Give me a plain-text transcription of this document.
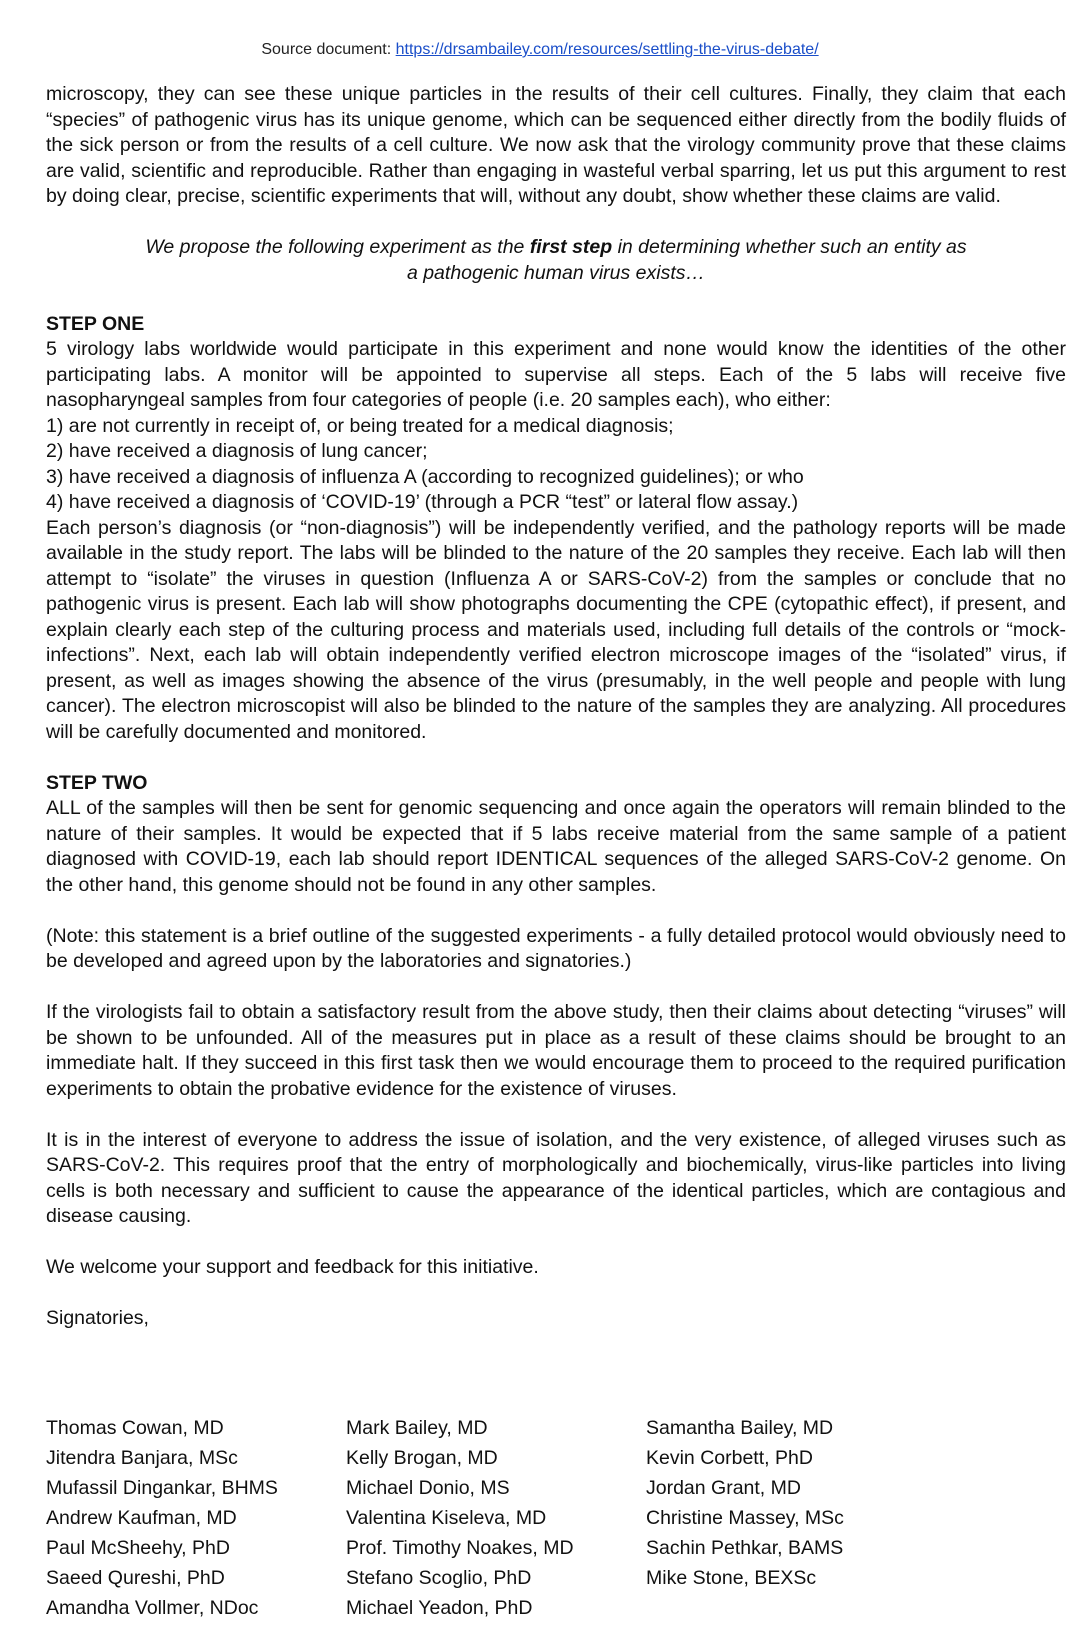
Source document: https://drsambailey.com/resources/settling-the-virus-debate/

microscopy, they can see these unique particles in the results of their cell cultures. Finally, they claim that each “species” of pathogenic virus has its unique genome, which can be sequenced either directly from the bodily fluids of the sick person or from the results of a cell culture. We now ask that the virology community prove that these claims are valid, scientific and reproducible. Rather than engaging in wasteful verbal sparring, let us put this argument to rest by doing clear, precise, scientific experiments that will, without any doubt, show whether these claims are valid.

We propose the following experiment as the first step in determining whether such an entity as
a pathogenic human virus exists…

STEP ONE

5 virology labs worldwide would participate in this experiment and none would know the identities of the other participating labs. A monitor will be appointed to supervise all steps. Each of the 5 labs will receive five nasopharyngeal samples from four categories of people (i.e. 20 samples each), who either:

1) are not currently in receipt of, or being treated for a medical diagnosis;

2) have received a diagnosis of lung cancer;

3) have received a diagnosis of influenza A (according to recognized guidelines); or who

4) have received a diagnosis of ‘COVID-19’ (through a PCR “test” or lateral flow assay.)

Each person’s diagnosis (or “non-diagnosis”) will be independently verified, and the pathology reports will be made available in the study report. The labs will be blinded to the nature of the 20 samples they receive. Each lab will then attempt to “isolate” the viruses in question (Influenza A or SARS-CoV-2) from the samples or conclude that no pathogenic virus is present. Each lab will show photographs documenting the CPE (cytopathic effect), if present, and explain clearly each step of the culturing process and materials used, including full details of the controls or “mock-infections”. Next, each lab will obtain independently verified electron microscope images of the “isolated” virus, if present, as well as images showing the absence of the virus (presumably, in the well people and people with lung cancer). The electron microscopist will also be blinded to the nature of the samples they are analyzing. All procedures will be carefully documented and monitored.

STEP TWO

ALL of the samples will then be sent for genomic sequencing and once again the operators will remain blinded to the nature of their samples. It would be expected that if 5 labs receive material from the same sample of a patient diagnosed with COVID-19, each lab should report IDENTICAL sequences of the alleged SARS-CoV-2 genome. On the other hand, this genome should not be found in any other samples.

(Note: this statement is a brief outline of the suggested experiments - a fully detailed protocol would obviously need to be developed and agreed upon by the laboratories and signatories.)

If the virologists fail to obtain a satisfactory result from the above study, then their claims about detecting “viruses” will be shown to be unfounded. All of the measures put in place as a result of these claims should be brought to an immediate halt. If they succeed in this first task then we would encourage them to proceed to the required purification experiments to obtain the probative evidence for the existence of viruses.

It is in the interest of everyone to address the issue of isolation, and the very existence, of alleged viruses such as SARS-CoV-2. This requires proof that the entry of morphologically and biochemically, virus-like particles into living cells is both necessary and sufficient to cause the appearance of the identical particles, which are contagious and disease causing.

We welcome your support and feedback for this initiative.

Signatories,

Thomas Cowan, MD
Jitendra Banjara, MSc
Mufassil Dingankar, BHMS
Andrew Kaufman, MD
Paul McSheehy, PhD
Saeed Qureshi, PhD
Amandha Vollmer, NDoc
Mark Bailey, MD
Kelly Brogan, MD
Michael Donio, MS
Valentina Kiseleva, MD
Prof. Timothy Noakes, MD
Stefano Scoglio, PhD
Michael Yeadon, PhD
Samantha Bailey, MD
Kevin Corbett, PhD
Jordan Grant, MD
Christine Massey, MSc
Sachin Pethkar, BAMS
Mike Stone, BEXSc
